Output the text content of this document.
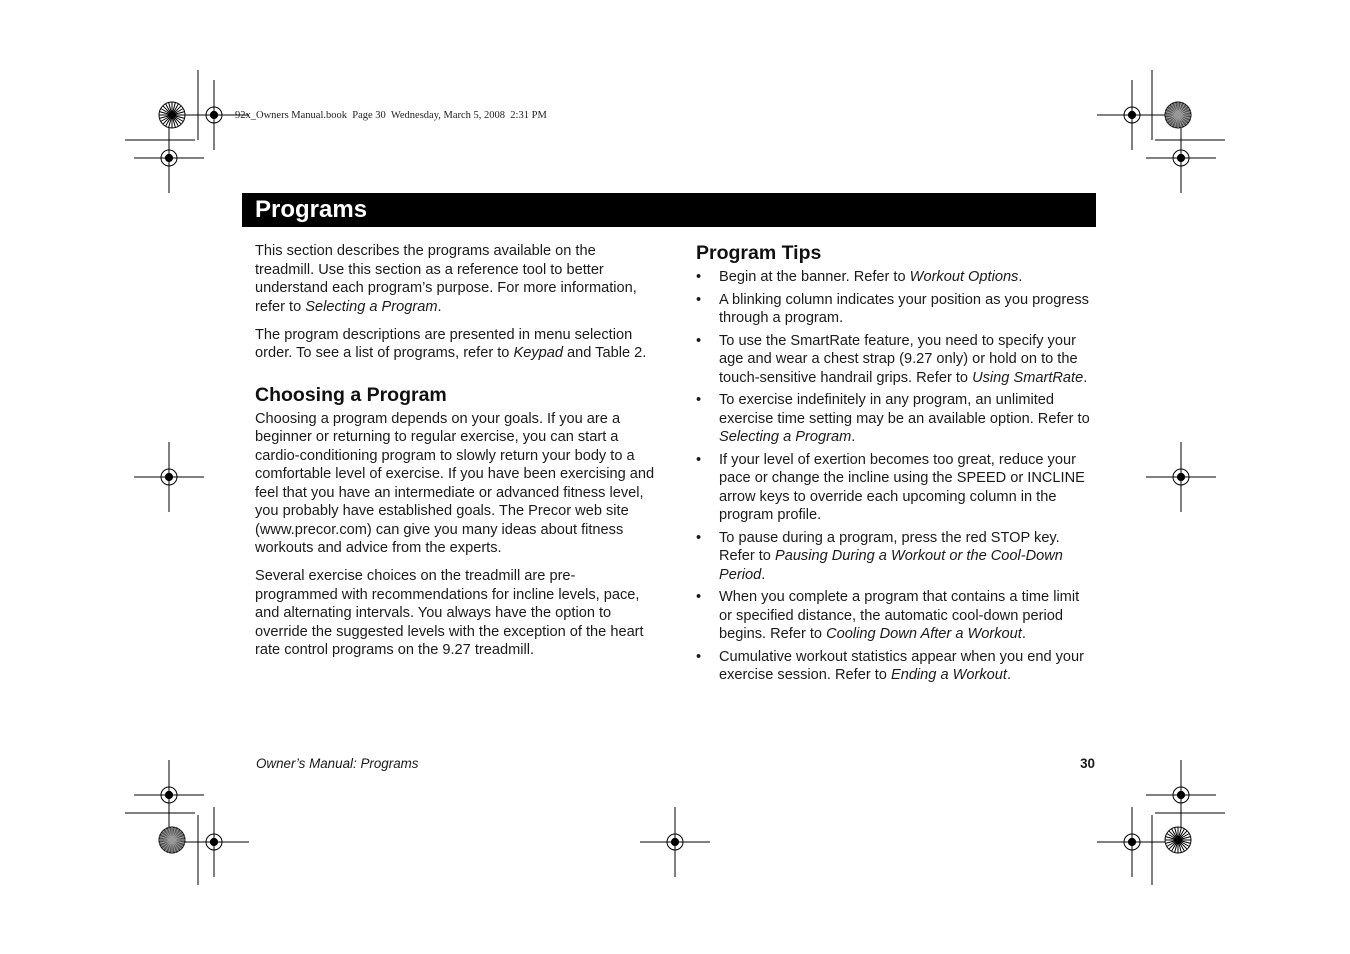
92x_Owners Manual.book  Page 30  Wednesday, March 5, 2008  2:31 PM
Programs

This section describes the programs available on the treadmill. Use this section as a reference tool to better understand each program’s purpose. For more information, refer to Selecting a Program.

The program descriptions are presented in menu selection order. To see a list of programs, refer to Keypad and Table 2.

Choosing a Program

Choosing a program depends on your goals. If you are a beginner or returning to regular exercise, you can start a cardio-conditioning program to slowly return your body to a comfortable level of exercise. If you have been exercising and feel that you have an intermediate or advanced fitness level, you probably have established goals. The Precor web site (www.precor.com) can give you many ideas about fitness workouts and advice from the experts.

Several exercise choices on the treadmill are pre-programmed with recommendations for incline levels, pace, and alternating intervals. You always have the option to override the suggested levels with the exception of the heart rate control programs on the 9.27 treadmill.

Program Tips
• Begin at the banner. Refer to Workout Options.
• A blinking column indicates your position as you progress through a program.
• To use the SmartRate feature, you need to specify your age and wear a chest strap (9.27 only) or hold on to the touch-sensitive handrail grips. Refer to Using SmartRate.
• To exercise indefinitely in any program, an unlimited exercise time setting may be an available option. Refer to Selecting a Program.
• If your level of exertion becomes too great, reduce your pace or change the incline using the SPEED or INCLINE arrow keys to override each upcoming column in the program profile.
• To pause during a program, press the red STOP key. Refer to Pausing During a Workout or the Cool-Down Period.
• When you complete a program that contains a time limit or specified distance, the automatic cool-down period begins. Refer to Cooling Down After a Workout.
• Cumulative workout statistics appear when you end your exercise session. Refer to Ending a Workout.
Owner’s Manual: Programs	30
